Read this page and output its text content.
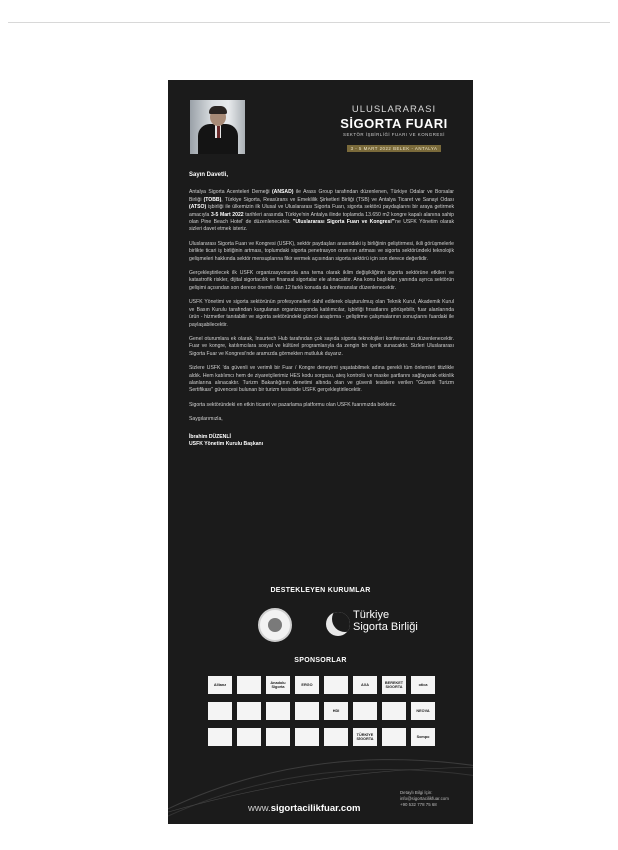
ULUSLARARASI
SİGORTA FUARI
SEKTÖR İŞBİRLİĞİ FUARI VE KONGRESİ
3 - 5 MART 2022 BELEK - ANTALYA

Sayın Davetli,

Antalya Sigorta Acenteleri Derneği (ANSAD) ile Arass Group tarafından düzenlenen, Türkiye Odalar ve Borsalar Birliği (TOBB), Türkiye Sigorta, Reasürans ve Emeklilik Şirketleri Birliği (TSB) ve Antalya Ticaret ve Sanayi Odası (ATSO) işbirliği ile ülkemizin ilk Ulusal ve Uluslararası Sigorta Fuarı, sigorta sektörü paydaşlarını bir araya getirmek amacıyla 3-5 Mart 2022 tarihleri arasında Türkiye'nin Antalya ilinde toplamda 13.650 m2 kongre kapalı alanına sahip olan Pine Beach Hotel' de düzenlenecektir. "Uluslararası Sigorta Fuarı ve Kongresi"'ne USFK Yönetim olarak sizleri davet etmek isteriz.

Uluslararası Sigorta Fuarı ve Kongresi (USFK), sektör paydaşları arasındaki iş birliğinin geliştirmesi, ikili görüşmelerle birlikte ticari iş birliğinin artması, toplumdaki sigorta penetrasyon oranının artması ve sigorta sektöründeki teknolojik gelişmeleri hakkında sektör mensuplarına fikir vermek açısından sigorta sektörü için son derece değerlidir.

Gerçekleştirilecek ilk USFK organizasyonunda ana tema olarak iklim değişikliğinin sigorta sektörüne etkileri ve katastrofik riskler, dijital sigortacılık ve finansal sigortalar ele alınacaktır. Ana konu başlıkları yanında ayrıca sektörün gelişimi açısından son derece önemli olan 12 farklı konuda da konferanslar düzenlenecektir.

USFK Yönetimi ve sigorta sektörünün profesyonelleri dahil edilerek oluşturulmuş olan Teknik Kurul, Akademik Kurul ve Basın Kurulu tarafından kurgulanan organizasyonda katılımcılar, işbirliği fırsatlarını görüşebilir, fuar alanlarında ürün - hizmetler tanıtabilir ve sigorta sektöründeki güncel araştırma - geliştirme çalışmalarının sonuçlarını fuardaki ile paylaşabilecektir.

Genel oturumlara ek olarak, Insurtech Hub tarafından çok sayıda sigorta teknolojileri konferansları düzenlenecektir. Fuar ve kongre, katılımcılara sosyal ve kültürel programlarıyla da zengin bir içerik sunacaktır. Sizleri Uluslararası Sigorta Fuar ve Kongresi'nde aramızda görmekten mutluluk duyarız.

Sizlere USFK 'da güvenli ve verimli bir Fuar / Kongre deneyimi yaşatabilmek adına gerekli tüm önlemleri titizlikle aldık. Hem katılımcı hem de ziyaretçilerimiz HES kodu sorgusu, ateş kontrolü ve maske şartlarını sağlayarak etkinlik alanlarına alınacaktır. Turizm Bakanlığının denetimi altında olan ve güvenli tesislere verilen "Güvenli Turizm Sertifikası" güvencesi bulunan bir turizm tesisinde USFK gerçekleştirilecektir.

Sigorta sektöründeki en etkin ticaret ve pazarlama platformu olan USFK fuarımızda bekleriz.

Saygılarımızla,

İbrahim DÜZENLİ
USFK Yönetim Kurulu Başkanı
DESTEKLEYEN KURUMLAR
Türkiye
Sigorta Birliği
SPONSORLAR
Allianz
Anadolu Sigorta
ERGO	AXA
BEREKET SIGORTA
otica
HDI	NEOVA
TÜRKİYE SİGORTA
Sompo
www.sigortacilikfuar.com
Detaylı Bilgi İçin:
info@sigortacilikfuar.com
+90 532 778 75 68
